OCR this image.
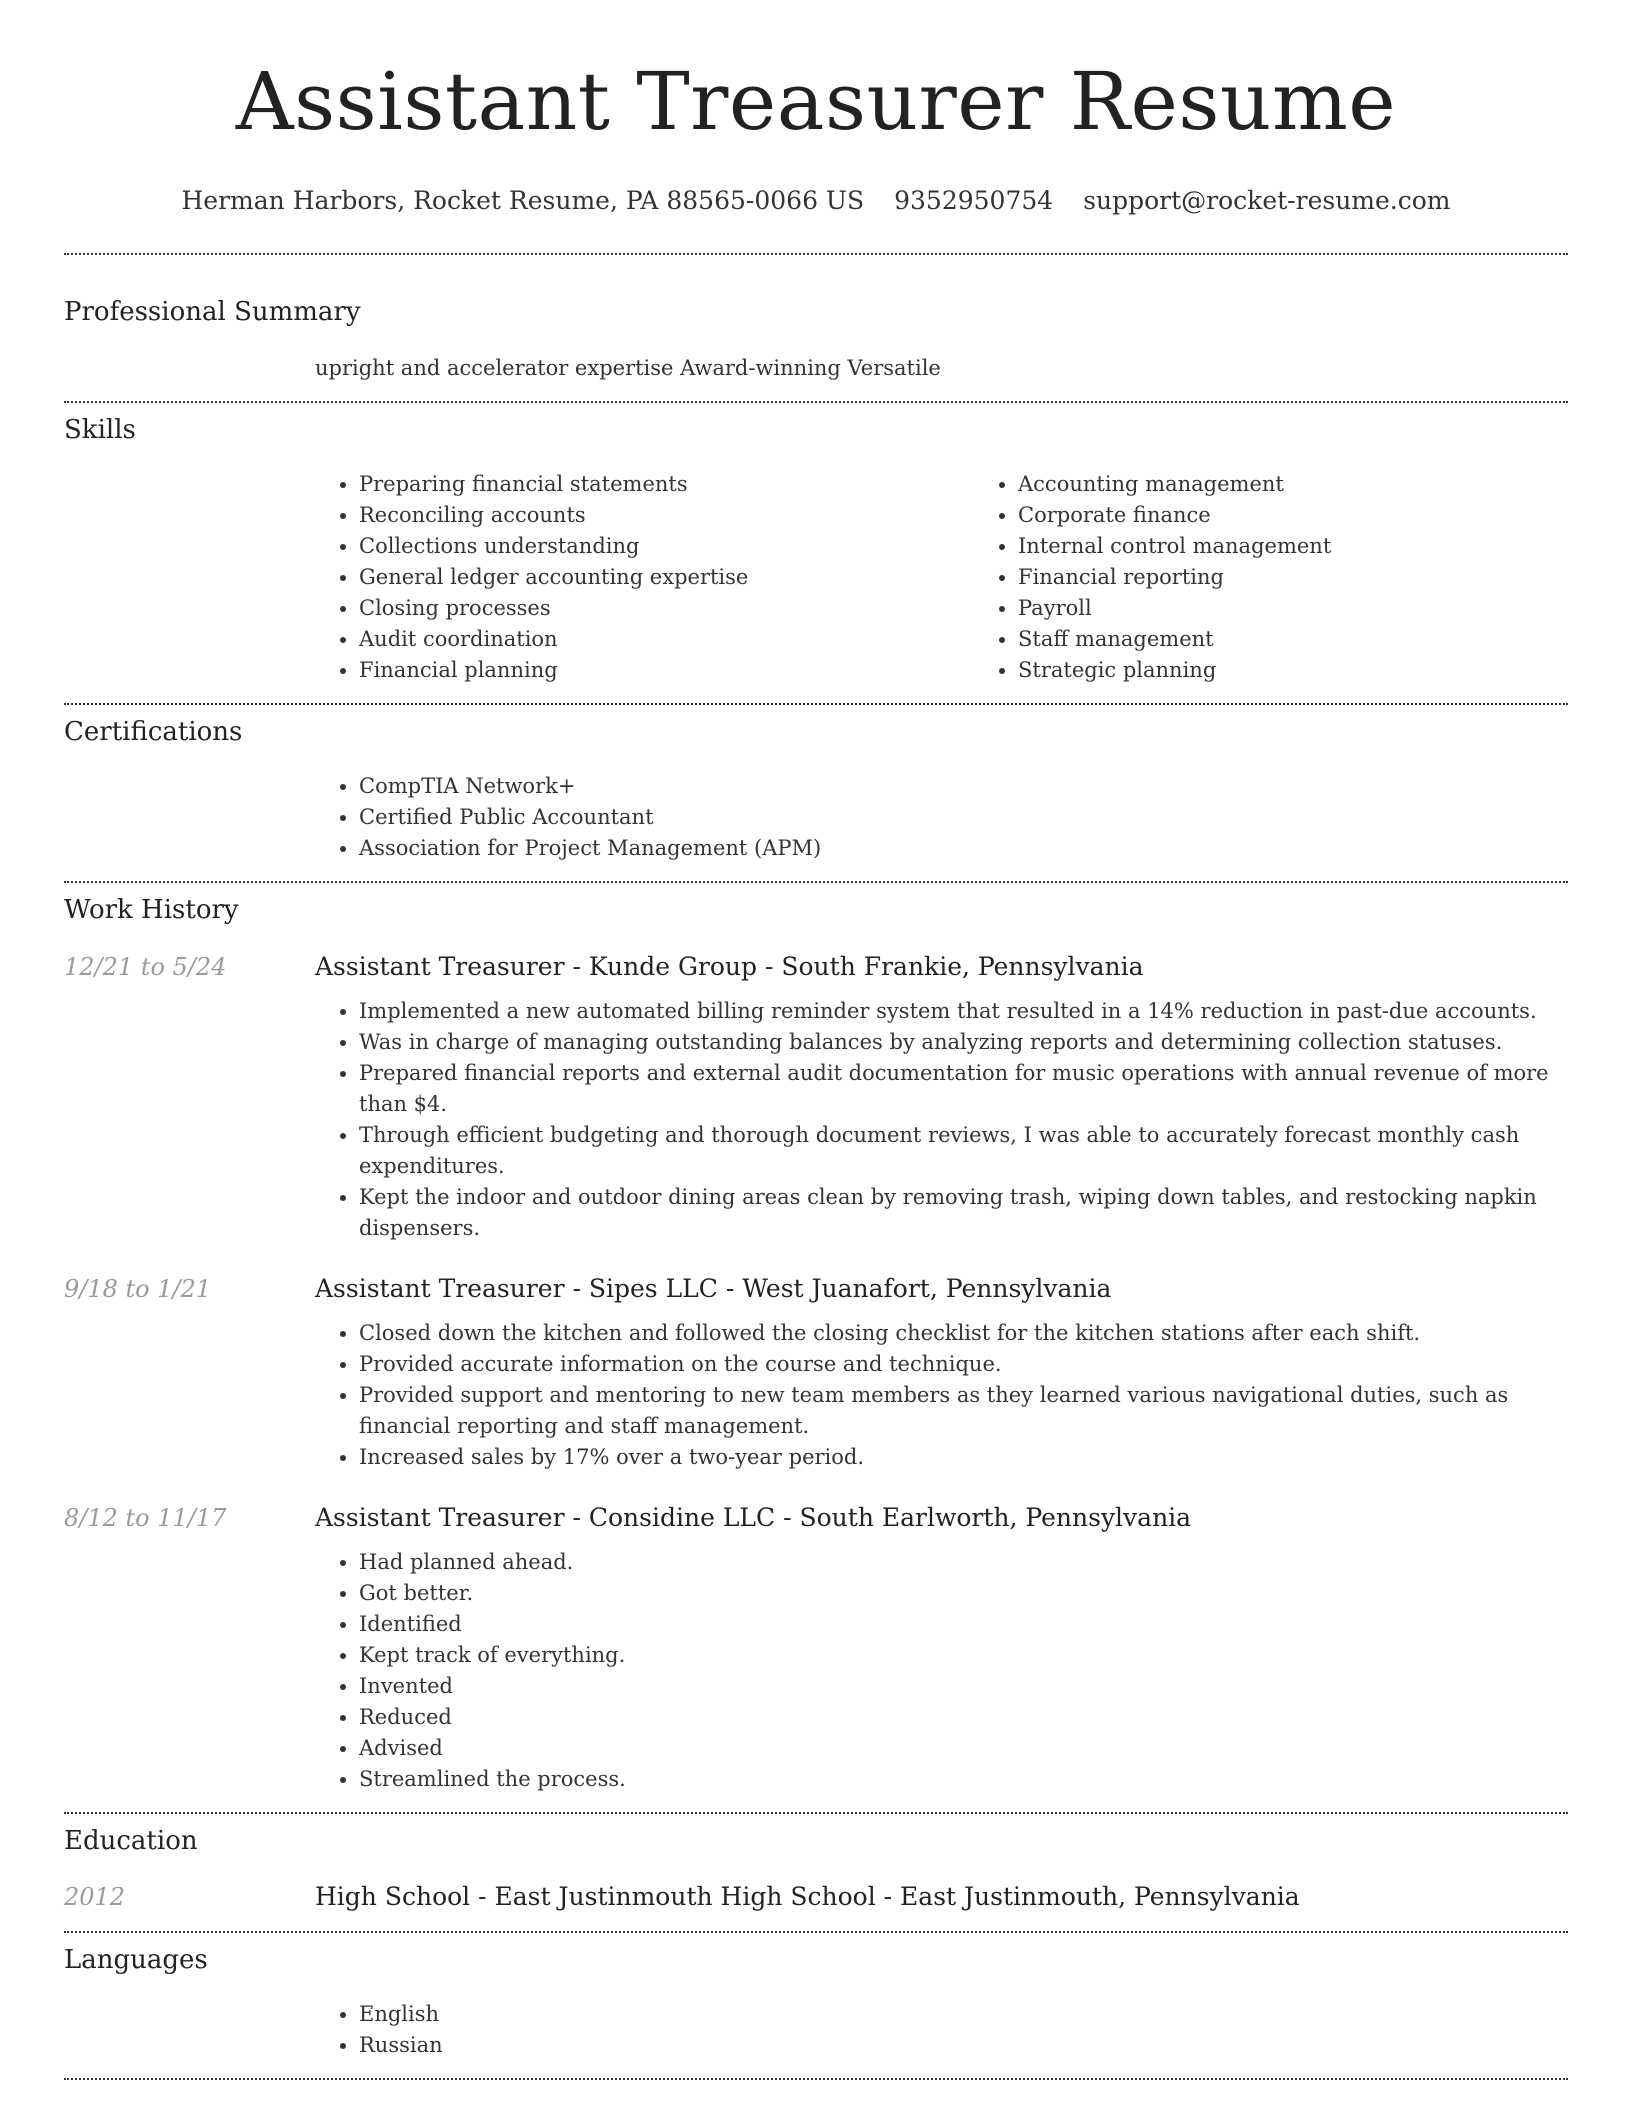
Assistant Treasurer Resume
Herman Harbors, Rocket Resume, PA 88565-0066 US 9352950754 support@rocket-resume.com
Professional Summary
upright and accelerator expertise Award-winning Versatile
Skills
• Preparing financial statements
• Reconciling accounts
• Collections understanding
• General ledger accounting expertise
• Closing processes
• Audit coordination
• Financial planning
• Accounting management
• Corporate finance
• Internal control management
• Financial reporting
• Payroll
• Staff management
• Strategic planning
Certifications
• CompTIA Network+
• Certified Public Accountant
• Association for Project Management (APM)
Work History
12/21 to 5/24	Assistant Treasurer - Kunde Group - South Frankie, Pennsylvania
• Implemented a new automated billing reminder system that resulted in a 14% reduction in past-due accounts.
• Was in charge of managing outstanding balances by analyzing reports and determining collection statuses.
• Prepared financial reports and external audit documentation for music operations with annual revenue of more than $4.
• Through efficient budgeting and thorough document reviews, I was able to accurately forecast monthly cash expenditures.
• Kept the indoor and outdoor dining areas clean by removing trash, wiping down tables, and restocking napkin dispensers.
9/18 to 1/21	Assistant Treasurer - Sipes LLC - West Juanafort, Pennsylvania
• Closed down the kitchen and followed the closing checklist for the kitchen stations after each shift.
• Provided accurate information on the course and technique.
• Provided support and mentoring to new team members as they learned various navigational duties, such as financial reporting and staff management.
• Increased sales by 17% over a two-year period.
8/12 to 11/17	Assistant Treasurer - Considine LLC - South Earlworth, Pennsylvania
• Had planned ahead.
• Got better.
• Identified
• Kept track of everything.
• Invented
• Reduced
• Advised
• Streamlined the process.
Education
2012	High School - East Justinmouth High School - East Justinmouth, Pennsylvania
Languages
• English
• Russian
